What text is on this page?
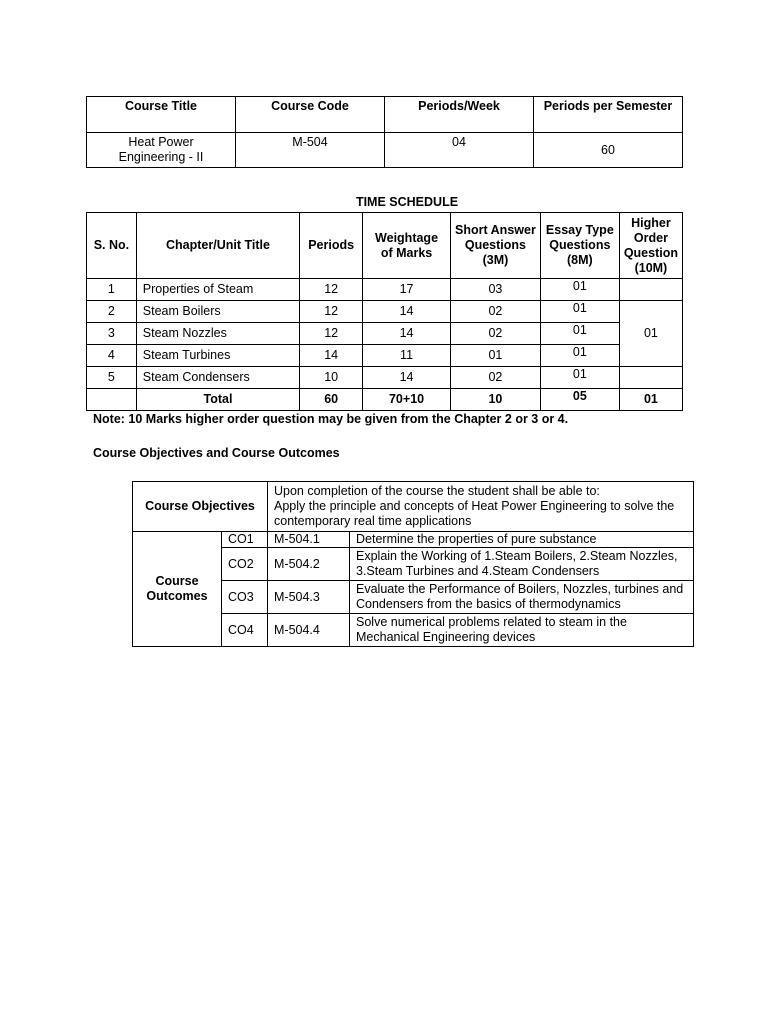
Course Title	Course Code	Periods/Week	Periods per Semester
Heat Power Engineering - II	M-504	04	60
TIME SCHEDULE
S. No.	Chapter/Unit Title	Periods	Weightage of Marks	Short Answer Questions (3M)	Essay Type Questions (8M)	Higher Order Question (10M)
1	Properties of Steam	12	17	03	01	
2	Steam Boilers	12	14	02	01	01
3	Steam Nozzles	12	14	02	01	
4	Steam Turbines	14	11	01	01	
5	Steam Condensers	10	14	02	01	
	Total	60	70+10	10	05	01
Note: 10 Marks higher order question may be given from the Chapter 2 or 3 or 4.
Course Objectives and Course Outcomes
Course Objectives		Upon completion of the course the student shall be able to:
Apply the principle and concepts of Heat Power Engineering to solve the contemporary real time applications	

Course Outcomes	CO1	M-504.1	Determine the properties of pure substance
	CO2	M-504.2	Explain the Working of 1.Steam Boilers, 2.Steam Nozzles, 3.Steam Turbines and 4.Steam Condensers
	CO3	M-504.3	Evaluate the Performance of Boilers, Nozzles, turbines and Condensers from the basics of thermodynamics
	CO4	M-504.4	Solve numerical problems related to steam in the Mechanical Engineering devices
